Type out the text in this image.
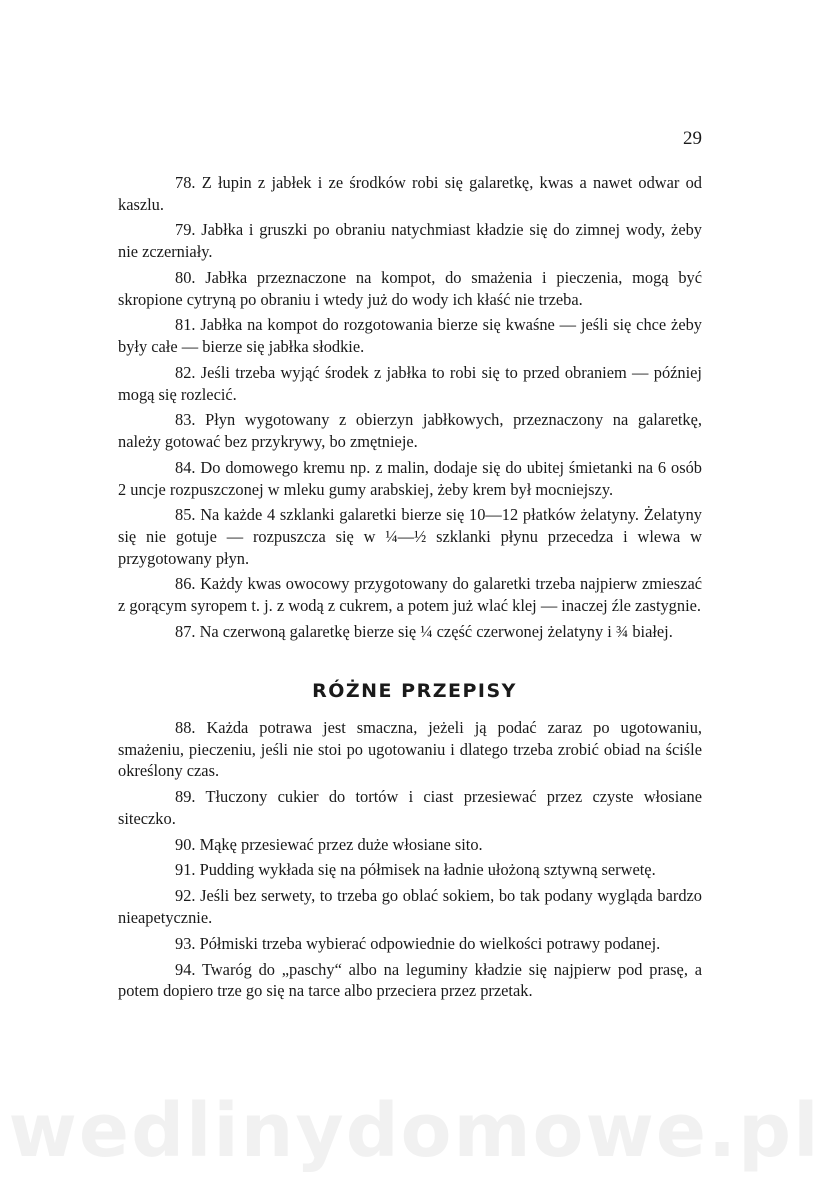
29

78. Z łupin z jabłek i ze środków robi się galaretkę, kwas a nawet odwar od kaszlu.

79. Jabłka i gruszki po obraniu natychmiast kładzie się do zimnej wody, żeby nie zczerniały.

80. Jabłka przeznaczone na kompot, do smażenia i pieczenia, mogą być skropione cytryną po obraniu i wtedy już do wody ich kłaść nie trzeba.

81. Jabłka na kompot do rozgotowania bierze się kwaśne — jeśli się chce żeby były całe — bierze się jabłka słodkie.

82. Jeśli trzeba wyjąć środek z jabłka to robi się to przed obraniem — później mogą się rozlecić.

83. Płyn wygotowany z obierzyn jabłkowych, przeznaczony na galaretkę, należy gotować bez przykrywy, bo zmętnieje.

84. Do domowego kremu np. z malin, dodaje się do ubitej śmietanki na 6 osób 2 uncje rozpuszczonej w mleku gumy arabskiej, żeby krem był mocniejszy.

85. Na każde 4 szklanki galaretki bierze się 10—12 płatków żelatyny. Żelatyny się nie gotuje — rozpuszcza się w ¼—½ szklanki płynu przecedza i wlewa w przygotowany płyn.

86. Każdy kwas owocowy przygotowany do galaretki trzeba najpierw zmieszać z gorącym syropem t. j. z wodą z cukrem, a potem już wlać klej — inaczej źle zastygnie.

87. Na czerwoną galaretkę bierze się ¼ część czerwonej żelatyny i ¾ białej.

RÓŻNE PRZEPISY

88. Każda potrawa jest smaczna, jeżeli ją podać zaraz po ugotowaniu, smażeniu, pieczeniu, jeśli nie stoi po ugotowaniu i dlatego trzeba zrobić obiad na ściśle określony czas.

89. Tłuczony cukier do tortów i ciast przesiewać przez czyste włosiane siteczko.

90. Mąkę przesiewać przez duże włosiane sito.

91. Pudding wykłada się na półmisek na ładnie ułożoną sztywną serwetę.

92. Jeśli bez serwety, to trzeba go oblać sokiem, bo tak podany wygląda bardzo nieapetycznie.

93. Półmiski trzeba wybierać odpowiednie do wielkości potrawy podanej.

94. Twaróg do „paschy“ albo na leguminy kładzie się najpierw pod prasę, a potem dopiero trze go się na tarce albo przeciera przez przetak.

wedlinydomowe.pl
